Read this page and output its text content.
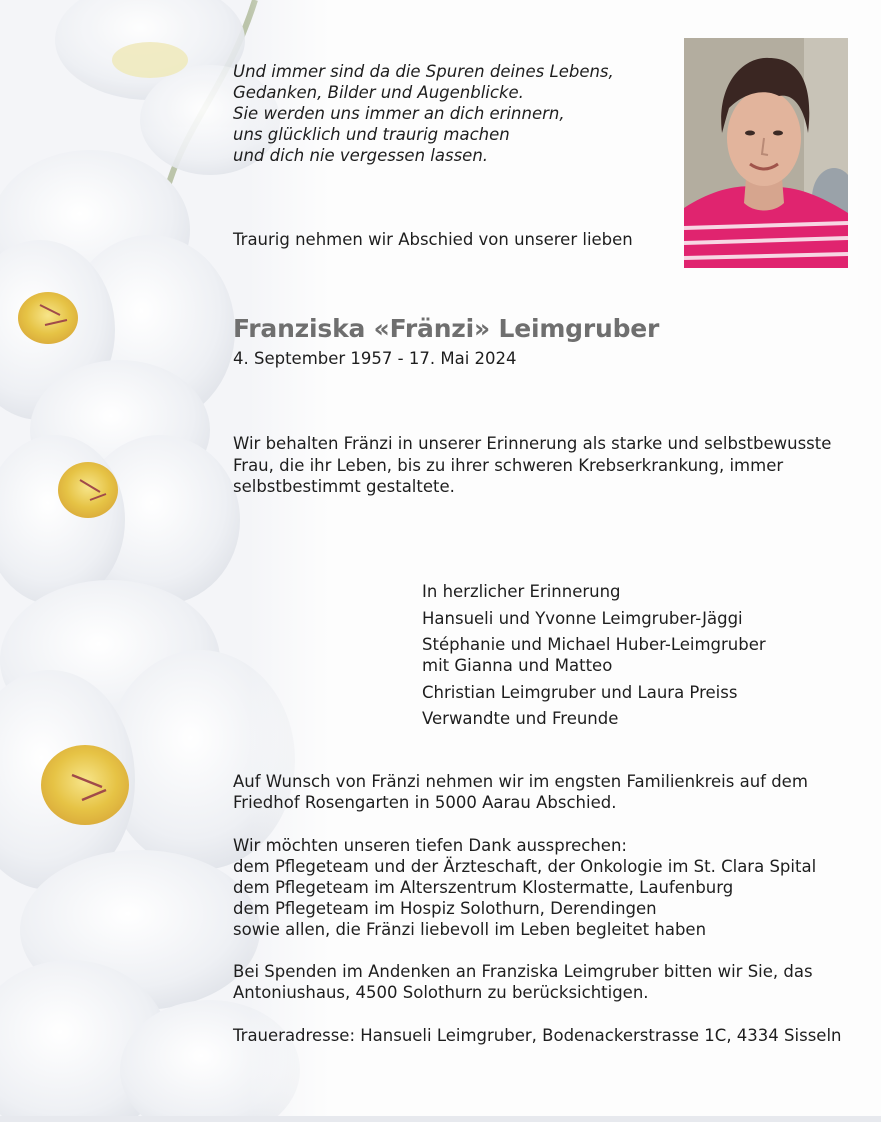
Und immer sind da die Spuren deines Lebens,
Gedanken, Bilder und Augenblicke.
Sie werden uns immer an dich erinnern,
uns glücklich und traurig machen
und dich nie vergessen lassen.
Traurig nehmen wir Abschied von unserer lieben
Franziska «Fränzi» Leimgruber
4. September 1957 - 17. Mai 2024
Wir behalten Fränzi in unserer Erinnerung als starke und selbstbewusste
Frau, die ihr Leben, bis zu ihrer schweren Krebserkrankung, immer
selbstbestimmt gestaltete.
In herzlicher Erinnerung
Hansueli und Yvonne Leimgruber-Jäggi
Stéphanie und Michael Huber-Leimgruber
mit Gianna und Matteo
Christian Leimgruber und Laura Preiss
Verwandte und Freunde
Auf Wunsch von Fränzi nehmen wir im engsten Familienkreis auf dem
Friedhof Rosengarten in 5000 Aarau Abschied.
Wir möchten unseren tiefen Dank aussprechen:
dem Pflegeteam und der Ärzteschaft, der Onkologie im St. Clara Spital
dem Pflegeteam im Alterszentrum Klostermatte, Laufenburg
dem Pflegeteam im Hospiz Solothurn, Derendingen
sowie allen, die Fränzi liebevoll im Leben begleitet haben
Bei Spenden im Andenken an Franziska Leimgruber bitten wir Sie, das
Antoniushaus, 4500 Solothurn zu berücksichtigen.
Traueradresse: Hansueli Leimgruber, Bodenackerstrasse 1C, 4334 Sisseln
